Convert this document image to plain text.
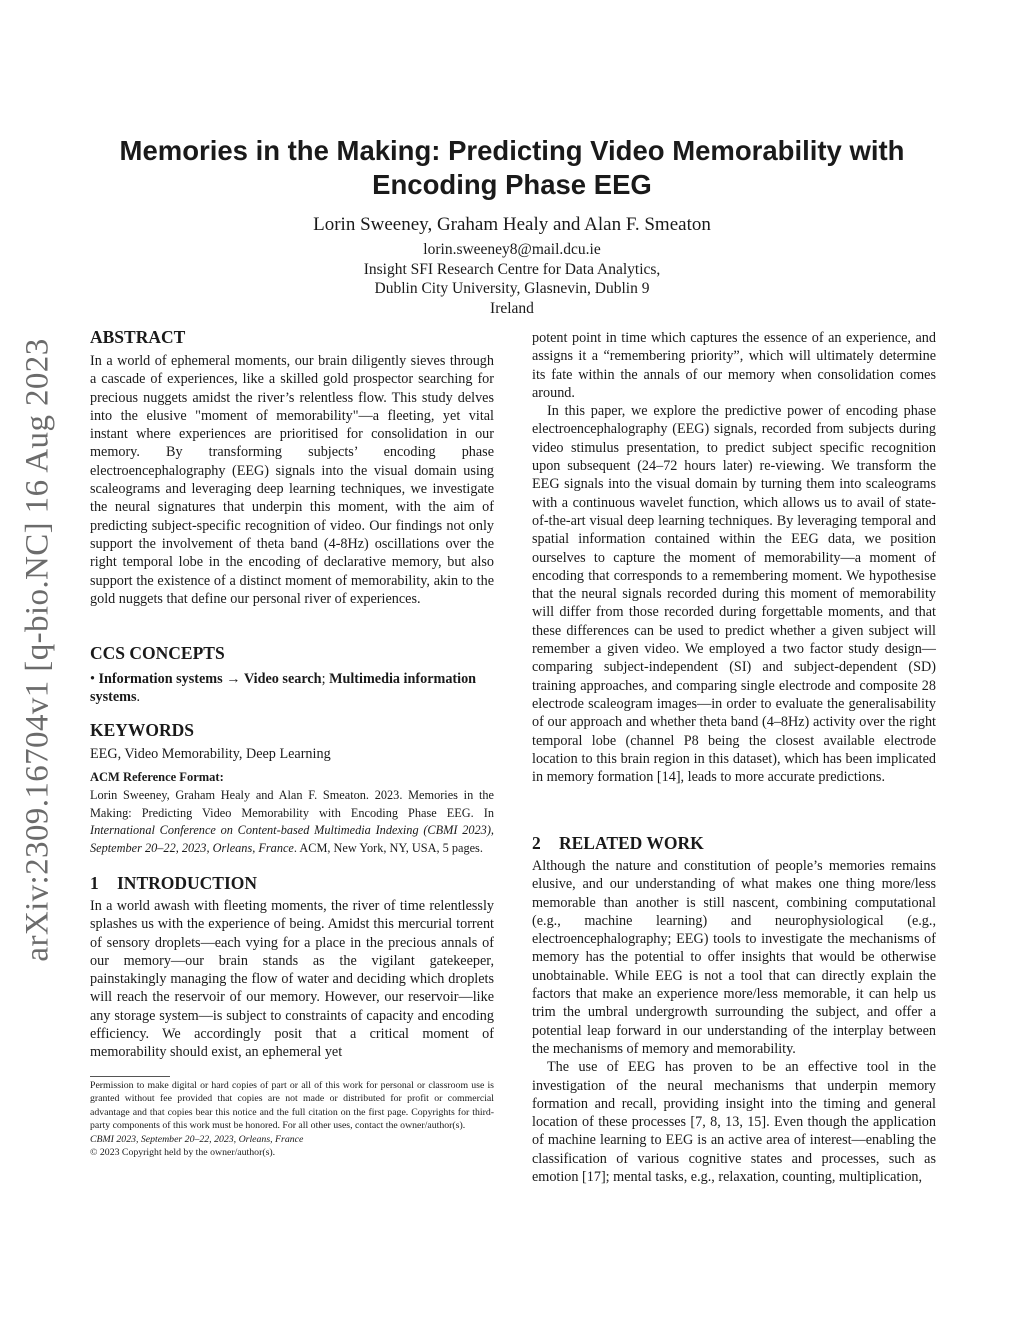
arXiv:2309.16704v1 [q-bio.NC] 16 Aug 2023
Memories in the Making: Predicting Video Memorability with
Encoding Phase EEG
Lorin Sweeney, Graham Healy and Alan F. Smeaton
lorin.sweeney8@mail.dcu.ie
Insight SFI Research Centre for Data Analytics,
Dublin City University, Glasnevin, Dublin 9
Ireland
ABSTRACT

In a world of ephemeral moments, our brain diligently sieves through a cascade of experiences, like a skilled gold prospector searching for precious nuggets amidst the river’s relentless flow. This study delves into the elusive "moment of memorability"—a fleeting, yet vital instant where experiences are prioritised for consolidation in our memory. By transforming subjects’ encoding phase electroencephalography (EEG) signals into the visual domain using scaleograms and leveraging deep learning techniques, we investigate the neural signatures that underpin this moment, with the aim of predicting subject-specific recognition of video. Our findings not only support the involvement of theta band (4-8Hz) oscillations over the right temporal lobe in the encoding of declarative memory, but also support the existence of a distinct moment of memorability, akin to the gold nuggets that define our personal river of experiences.

CCS CONCEPTS
• Information systems → Video search; Multimedia information systems.
KEYWORDS
EEG, Video Memorability, Deep Learning
ACM Reference Format:
Lorin Sweeney, Graham Healy and Alan F. Smeaton. 2023. Memories in the Making: Predicting Video Memorability with Encoding Phase EEG. In International Conference on Content-based Multimedia Indexing (CBMI 2023), September 20–22, 2023, Orleans, France. ACM, New York, NY, USA, 5 pages.
1 INTRODUCTION

In a world awash with fleeting moments, the river of time relentlessly splashes us with the experience of being. Amidst this mercurial torrent of sensory droplets—each vying for a place in the precious annals of our memory—our brain stands as the vigilant gatekeeper, painstakingly managing the flow of water and deciding which droplets will reach the reservoir of our memory. However, our reservoir—like any storage system—is subject to constraints of capacity and encoding efficiency. We accordingly posit that a critical moment of memorability should exist, an ephemeral yet

Permission to make digital or hard copies of part or all of this work for personal or classroom use is granted without fee provided that copies are not made or distributed for profit or commercial advantage and that copies bear this notice and the full citation on the first page. Copyrights for third-party components of this work must be honored. For all other uses, contact the owner/author(s).

CBMI 2023, September 20–22, 2023, Orleans, France

© 2023 Copyright held by the owner/author(s).

potent point in time which captures the essence of an experience, and assigns it a “remembering priority”, which will ultimately determine its fate within the annals of our memory when consolidation comes around.

In this paper, we explore the predictive power of encoding phase electroencephalography (EEG) signals, recorded from subjects during video stimulus presentation, to predict subject specific recognition upon subsequent (24–72 hours later) re-viewing. We transform the EEG signals into the visual domain by turning them into scaleograms with a continuous wavelet function, which allows us to avail of state-of-the-art visual deep learning techniques. By leveraging temporal and spatial information contained within the EEG data, we position ourselves to capture the moment of memorability—a moment of encoding that corresponds to a remembering moment. We hypothesise that the neural signals recorded during this moment of memorability will differ from those recorded during forgettable moments, and that these differences can be used to predict whether a given subject will remember a given video. We employed a two factor study design—comparing subject-independent (SI) and subject-dependent (SD) training approaches, and comparing single electrode and composite 28 electrode scaleogram images—in order to evaluate the generalisability of our approach and whether theta band (4–8Hz) activity over the right temporal lobe (channel P8 being the closest available electrode location to this brain region in this dataset), which has been implicated in memory formation [14], leads to more accurate predictions.

2 RELATED WORK

Although the nature and constitution of people’s memories remains elusive, and our understanding of what makes one thing more/less memorable than another is still nascent, combining computational (e.g., machine learning) and neurophysiological (e.g., electroencephalography; EEG) tools to investigate the mechanisms of memory has the potential to offer insights that would be otherwise unobtainable. While EEG is not a tool that can directly explain the factors that make an experience more/less memorable, it can help us trim the umbral undergrowth surrounding the subject, and offer a potential leap forward in our understanding of the interplay between the mechanisms of memory and memorability.

The use of EEG has proven to be an effective tool in the investigation of the neural mechanisms that underpin memory formation and recall, providing insight into the timing and general location of these processes [7, 8, 13, 15]. Even though the application of machine learning to EEG is an active area of interest—enabling the classification of various cognitive states and processes, such as emotion [17]; mental tasks, e.g., relaxation, counting, multiplication,
